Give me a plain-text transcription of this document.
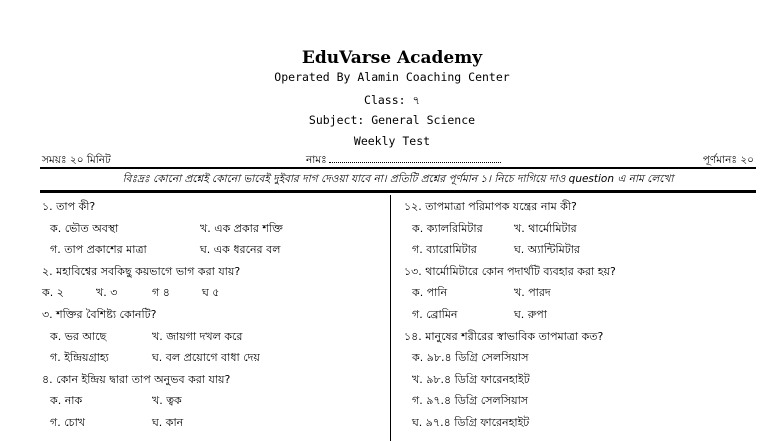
EduVarse Academy
Operated By Alamin Coaching Center
Class: ৭
Subject: General Science
Weekly Test
সময়ঃ ২০ মিনিট	নামঃ	পূর্ণমানঃ ২০
বিঃদ্রঃ কোনো প্রশ্নেই কোনো ভাবেই দুইবার দাগ দেওয়া যাবে না। প্রতিটি প্রশ্নের পূর্ণমান ১। নিচে দাগিয়ে দাও question এ নাম লেখো
১. তাপ কী?
ক. ভৌত অবস্থা	খ. এক প্রকার শক্তি
গ. তাপ প্রকাশের মাত্রা	ঘ. এক ধরনের বল
২. মহাবিশ্বের সবকিছু কয়ভাগে ভাগ করা যায়?
ক. ২	খ. ৩	গ ৪	ঘ ৫
৩. শক্তির বৈশিষ্ট্য কোনটি?
ক. ভর আছে	খ. জায়গা দখল করে
গ. ইন্দ্রিয়গ্রাহ্য	ঘ. বল প্রয়োগে বাধা দেয়
৪. কোন ইন্দ্রিয় দ্বারা তাপ অনুভব করা যায়?
ক. নাক	খ. ত্বক
গ. চোখ	ঘ. কান
১২. তাপমাত্রা পরিমাপক যন্ত্রের নাম কী?
ক. ক্যালরিমিটার	খ. থার্মোমিটার
গ. ব্যারোমিটার	ঘ. অ্যান্টিমিটার
১৩. থার্মোমিটারে কোন পদার্থটি ব্যবহার করা হয়?
ক. পানি	খ. পারদ
গ. ব্রোমিন	ঘ. রুপা
১৪. মানুষের শরীরের স্বাভাবিক তাপমাত্রা কত?
ক. ৯৮.৪ ডিগ্রি সেলসিয়াস
খ. ৯৮.৪ ডিগ্রি ফারেনহাইট
গ. ৯৭.৪ ডিগ্রি সেলসিয়াস
ঘ. ৯৭.৪ ডিগ্রি ফারেনহাইট
